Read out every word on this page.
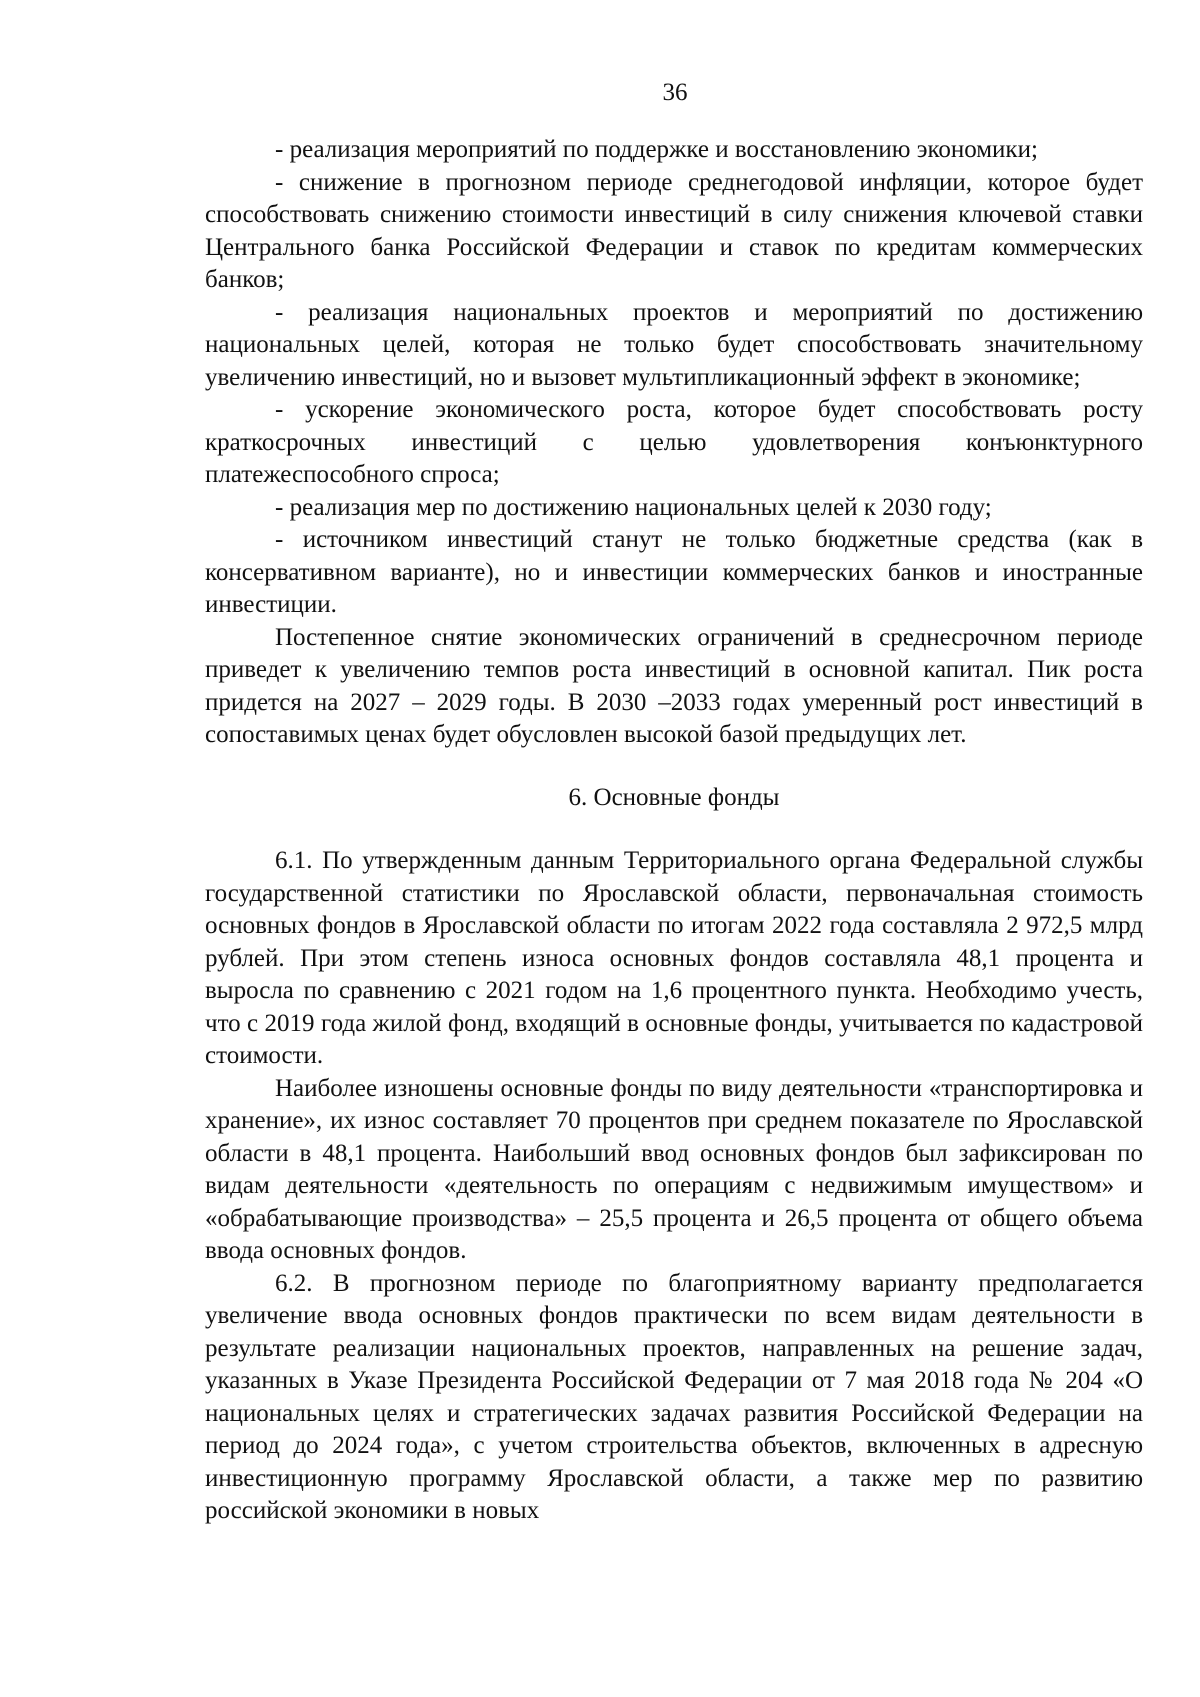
36

- реализация мероприятий по поддержке и восстановлению экономики;

- снижение в прогнозном периоде среднегодовой инфляции, которое будет способствовать снижению стоимости инвестиций в силу снижения ключевой ставки Центрального банка Российской Федерации и ставок по кредитам коммерческих банков;

- реализация национальных проектов и мероприятий по достижению национальных целей, которая не только будет способствовать значительному увеличению инвестиций, но и вызовет мультипликационный эффект в экономике;

- ускорение экономического роста, которое будет способствовать росту краткосрочных инвестиций с целью удовлетворения конъюнктурного платежеспособного спроса;

- реализация мер по достижению национальных целей к 2030 году;

- источником инвестиций станут не только бюджетные средства (как в консервативном варианте), но и инвестиции коммерческих банков и иностранные инвестиции.

Постепенное снятие экономических ограничений в среднесрочном периоде приведет к увеличению темпов роста инвестиций в основной капитал. Пик роста придется на 2027 – 2029 годы. В 2030 –2033 годах умеренный рост инвестиций в сопоставимых ценах будет обусловлен высокой базой предыдущих лет.

6. Основные фонды

6.1. По утвержденным данным Территориального органа Федеральной службы государственной статистики по Ярославской области, первоначальная стоимость основных фондов в Ярославской области по итогам 2022 года составляла 2 972,5 млрд рублей. При этом степень износа основных фондов составляла 48,1 процента и выросла по сравнению с 2021 годом на 1,6 процентного пункта. Необходимо учесть, что с 2019 года жилой фонд, входящий в основные фонды, учитывается по кадастровой стоимости.

Наиболее изношены основные фонды по виду деятельности «транспортировка и хранение», их износ составляет 70 процентов при среднем показателе по Ярославской области в 48,1 процента. Наибольший ввод основных фондов был зафиксирован по видам деятельности «деятельность по операциям с недвижимым имуществом» и «обрабатывающие производства» – 25,5 процента и 26,5 процента от общего объема ввода основных фондов.

6.2. В прогнозном периоде по благоприятному варианту предполагается увеличение ввода основных фондов практически по всем видам деятельности в результате реализации национальных проектов, направленных на решение задач, указанных в Указе Президента Российской Федерации от 7 мая 2018 года № 204 «О национальных целях и стратегических задачах развития Российской Федерации на период до 2024 года», с учетом строительства объектов, включенных в адресную инвестиционную программу Ярославской области, а также мер по развитию российской экономики в новых
